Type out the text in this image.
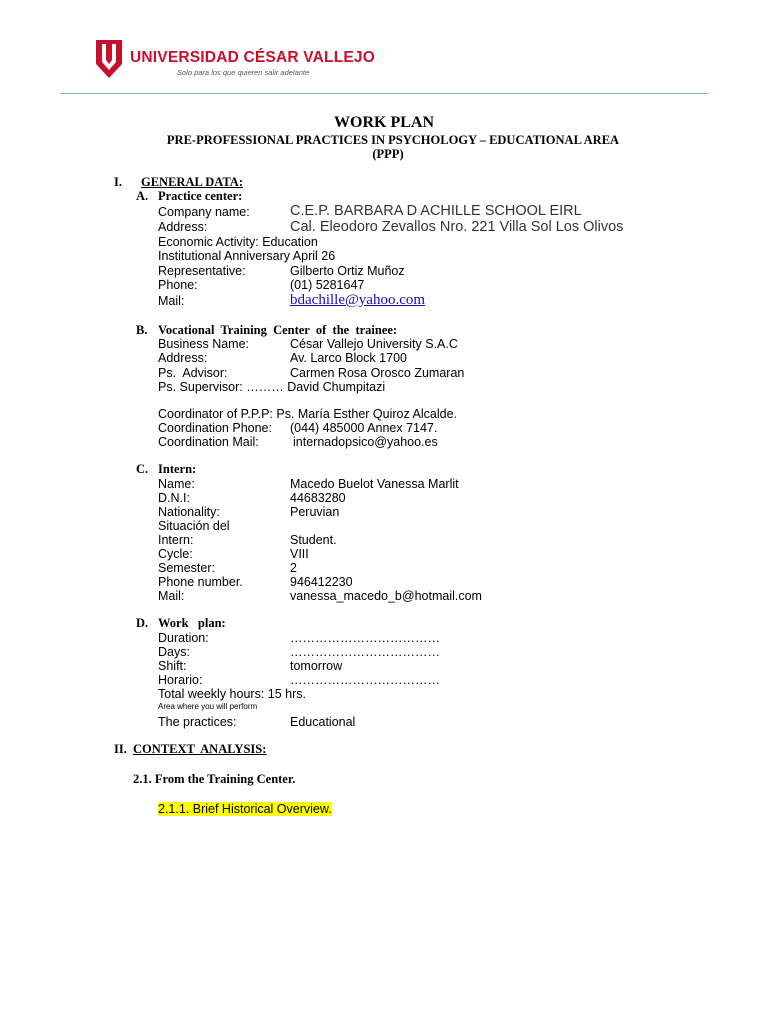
UNIVERSIDAD CÉSAR VALLEJO
Solo para los que quieren salir adelante
WORK PLAN
PRE-PROFESSIONAL PRACTICES IN PSYCHOLOGY – EDUCATIONAL AREA
(PPP)
I. GENERAL DATA:
A. Practice center:
Company name:	C.E.P. BARBARA D ACHILLE SCHOOL EIRL
Address:	Cal. Eleodoro Zevallos Nro. 221 Villa Sol Los Olivos
Economic Activity: Education
Institutional Anniversary April 26
Representative:	Gilberto Ortiz Muñoz
Phone:	(01) 5281647
Mail:	bdachille@yahoo.com
B. Vocational  Training  Center  of  the  trainee:
Business Name:	César Vallejo University S.A.C
Address:	Av. Larco Block 1700
Ps.  Advisor:	Carmen Rosa Orosco Zumaran
Ps. Supervisor: ……… David Chumpitazi
Coordinator of P.P.P: Ps. María Esther Quiroz Alcalde.
Coordination Phone: (044) 485000 Annex 7147.
Coordination Mail:	internadopsico@yahoo.es
C. Intern:
Name:	Macedo Buelot Vanessa Marlit
D.N.I:	44683280
Nationality:	Peruvian
Situación del
Intern:	Student.
Cycle:	VIII
Semester:	2
Phone number.	946412230
Mail:	vanessa_macedo_b@hotmail.com
D. Work   plan:
Duration:	………………………………
Days:	………………………………
Shift:	tomorrow
Horario:	………………………………
Total weekly hours: 15 hrs.
Area where you will perform
The practices:	Educational
II. CONTEXT  ANALYSIS:
2.1. From the Training Center.
2.1.1. Brief Historical Overview.
